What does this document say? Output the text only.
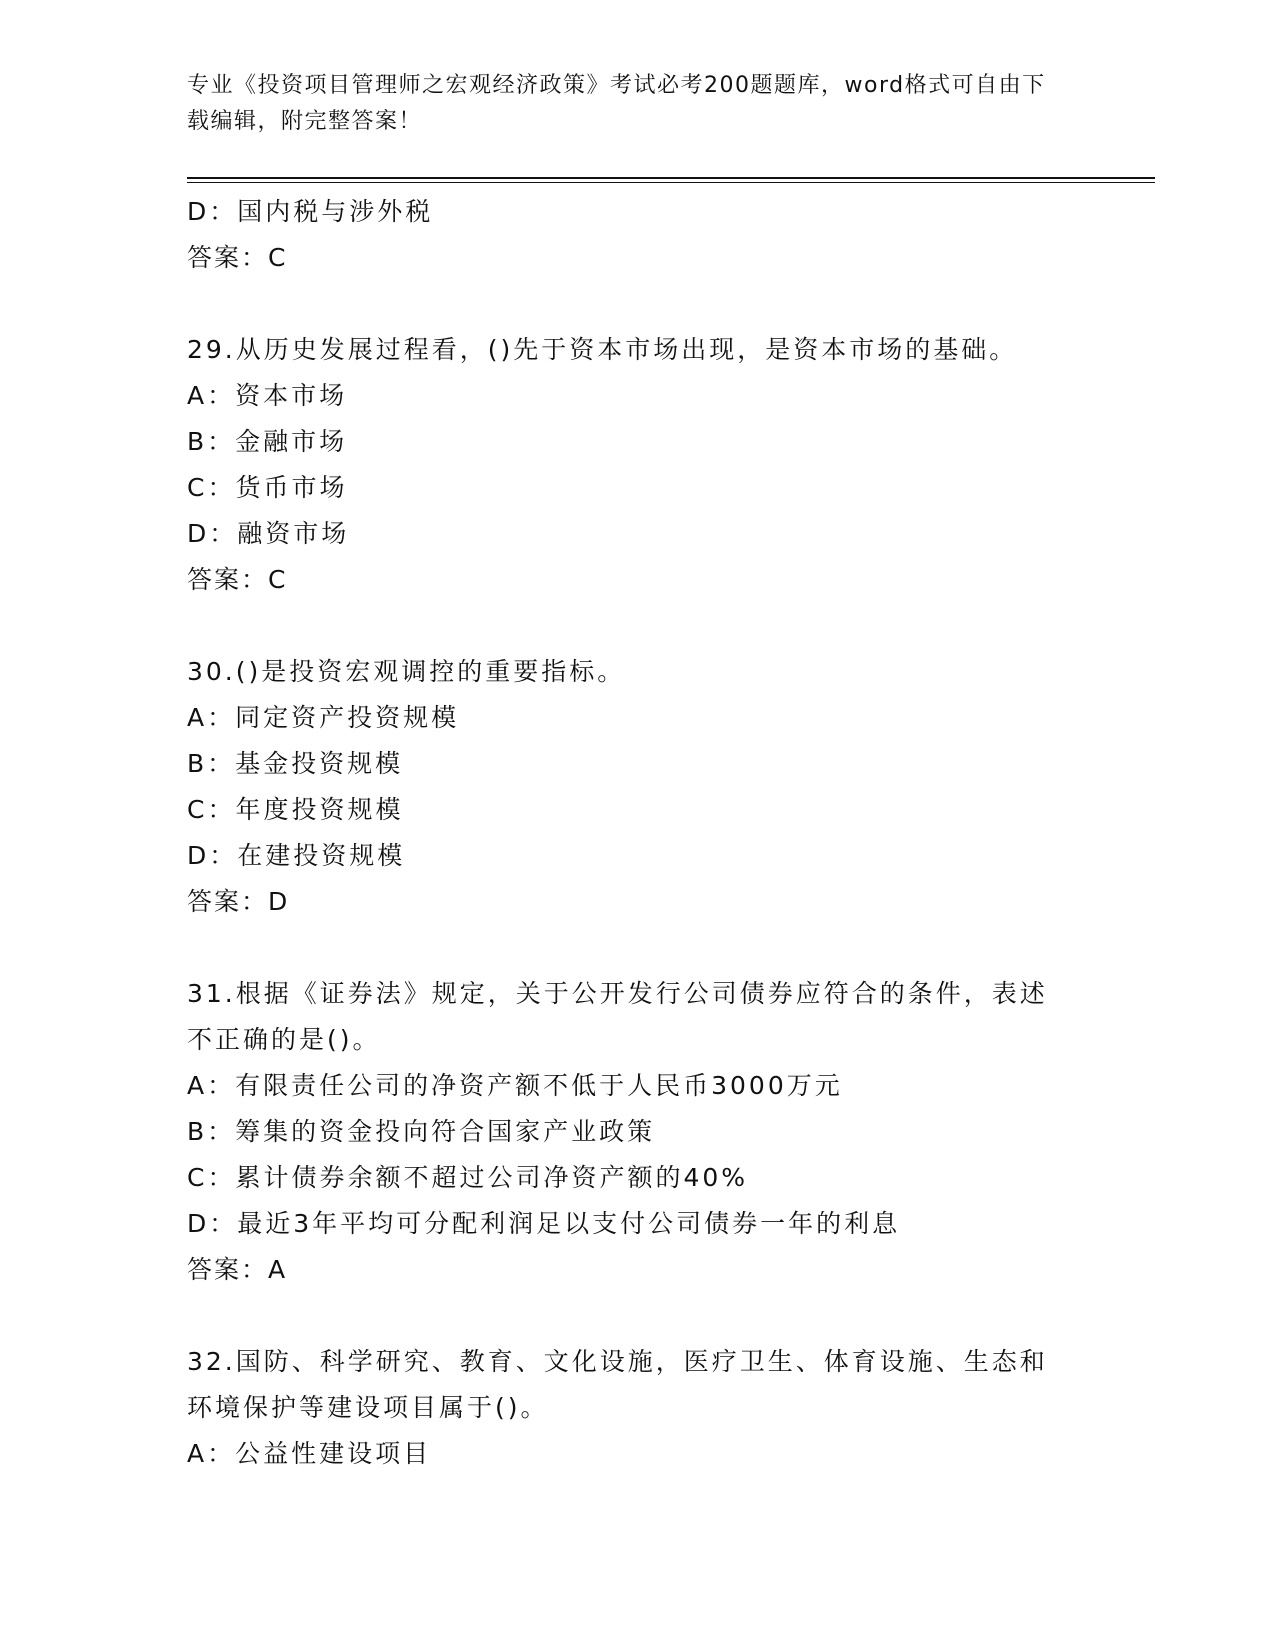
专业《投资项目管理师之宏观经济政策》考试必考200题题库，word格式可自由下载编辑，附完整答案！
D：国内税与涉外税
答案：C
29.从历史发展过程看，()先于资本市场出现，是资本市场的基础。
A：资本市场
B：金融市场
C：货币市场
D：融资市场
答案：C
30.()是投资宏观调控的重要指标。
A：同定资产投资规模
B：基金投资规模
C：年度投资规模
D：在建投资规模
答案：D
31.根据《证券法》规定，关于公开发行公司债券应符合的条件，表述不正确的是()。
A：有限责任公司的净资产额不低于人民币3000万元
B：筹集的资金投向符合国家产业政策
C：累计债券余额不超过公司净资产额的40%
D：最近3年平均可分配利润足以支付公司债券一年的利息
答案：A
32.国防、科学研究、教育、文化设施，医疗卫生、体育设施、生态和环境保护等建设项目属于()。
A：公益性建设项目
